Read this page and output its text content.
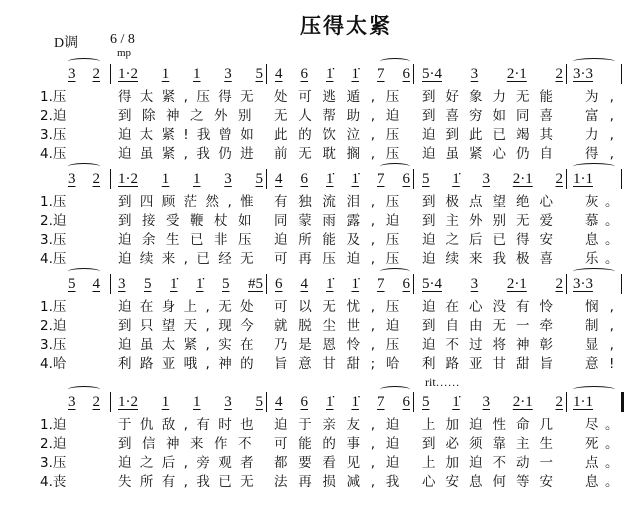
压得太紧
D调 6 / 8
mp
rit……
3 2 1·2 1 1 3 5 4 6 1̇ 1̇ 7 6 5·4 3 2·1 2 3·3
1.压	得太紧,压得无 处可逃遁,压 到好象力无能 为,
2.迫	到除神之外别 无人帮助,迫 到喜穷如同喜 富,
3.压	迫太紧!我曾如 此的饮泣,压 迫到此已竭其 力,
4.压	迫虽紧,我仍进 前无耽搁,压 迫虽紧心仍自 得,
3 2 1·2 1 1 3 5 4 6 1̇ 1̇ 7 6 5 1̇ 3 2·1 2 1·1
1.压	到四顾茫然,惟 有独流泪,压 到极点望绝心 灰。
2.迫	到接受鞭杖如 同蒙雨露,迫 到主外别无爱 慕。
3.压	迫余生已非压 迫所能及,压 迫之后已得安 息。
4.压	迫续来,已经无 可再压迫,压 迫续来我极喜 乐。
5 4 3 5 1̇ 1̇ 5 #5 6 4 1̇ 1̇ 7 6 5·4 3 2·1 2 3·3
1.压	迫在身上,无处 可以无忧,压 迫在心没有怜 悯,
2.迫	到只望天,现今 就脱尘世,迫 到自由无一牵 制,
3.压	迫虽太紧,实在 乃是恩怜,压 迫不过将神彰 显,
4.哈	利路亚哦,神的 旨意甘甜;哈 利路亚甘甜旨 意!
3 2 1·2 1 1 3 5 4 6 1̇ 1̇ 7 6 5 1̇ 3 2·1 2 1·1
1.迫	于仇敌,有时也 迫于亲友,迫 上加迫性命几 尽。
2.迫	到信神来作不 可能的事,迫 到必须靠主生 死。
3.压	迫之后,旁观者 都要看见,迫 上加迫不动一 点。
4.丧	失所有,我已无 法再损减,我 心安息何等安 息。
